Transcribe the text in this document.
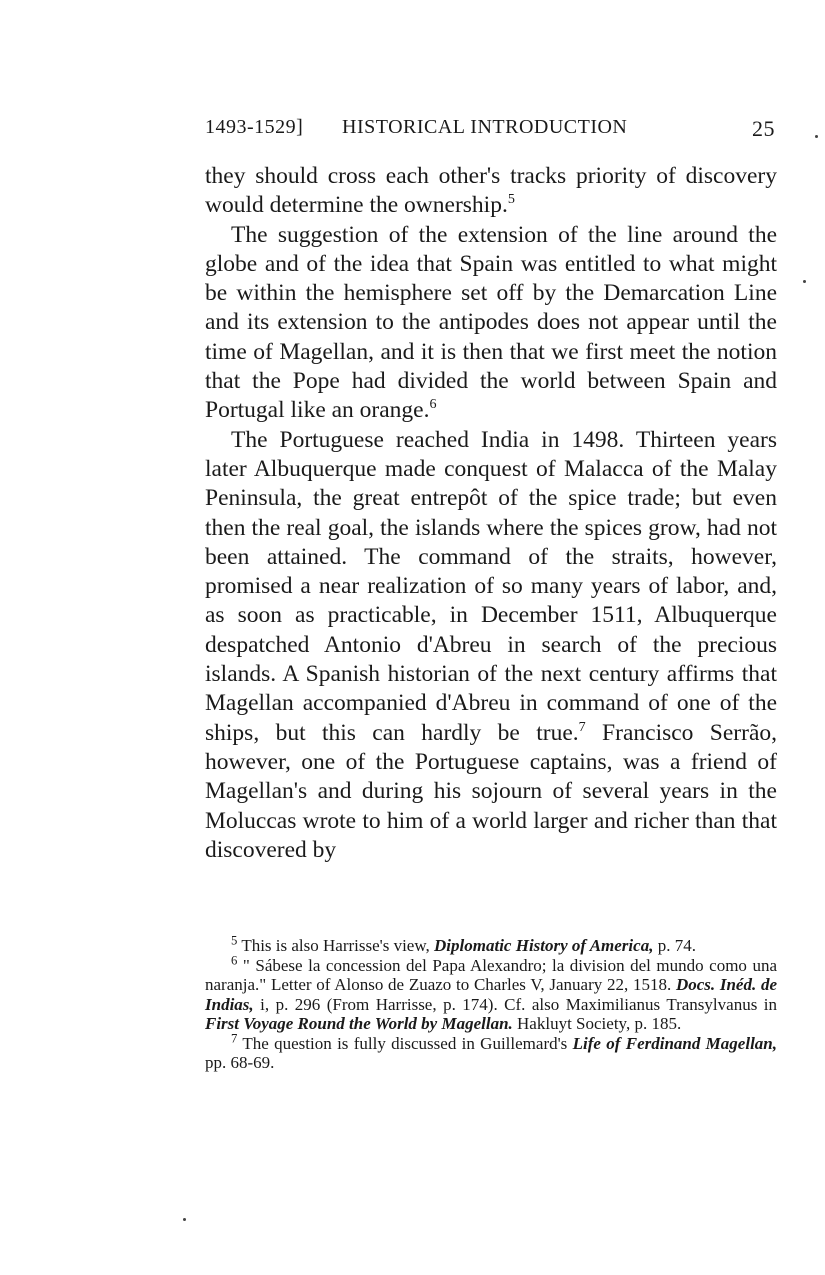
1493-1529] HISTORICAL INTRODUCTION	25

they should cross each other's tracks priority of discovery would determine the ownership.$^5$

The suggestion of the extension of the line around the globe and of the idea that Spain was entitled to what might be within the hemisphere set off by the Demarcation Line and its extension to the antipodes does not appear until the time of Magellan, and it is then that we first meet the notion that the Pope had divided the world between Spain and Portugal like an orange.$^6$

The Portuguese reached India in 1498. Thirteen years later Albuquerque made conquest of Malacca of the Malay Peninsula, the great entrepôt of the spice trade; but even then the real goal, the islands where the spices grow, had not been attained. The command of the straits, however, promised a near realization of so many years of labor, and, as soon as practicable, in December 1511, Albuquerque despatched Antonio d'Abreu in search of the precious islands. A Spanish historian of the next century affirms that Magellan accompanied d'Abreu in command of one of the ships, but this can hardly be true.$^7$ Francisco Serrão, however, one of the Portuguese captains, was a friend of Magellan's and during his sojourn of several years in the Moluccas wrote to him of a world larger and richer than that discovered by

$^5$ This is also Harrisse's view, Diplomatic History of America, p. 74.

$^6$ " Sábese la concession del Papa Alexandro; la division del mundo como una naranja." Letter of Alonso de Zuazo to Charles V, January 22, 1518. Docs. Inéd. de Indias, i, p. 296 (From Harrisse, p. 174). Cf. also Maximilianus Transylvanus in First Voyage Round the World by Magellan. Hakluyt Society, p. 185.

$^7$ The question is fully discussed in Guillemard's Life of Ferdinand Magellan, pp. 68-69.
